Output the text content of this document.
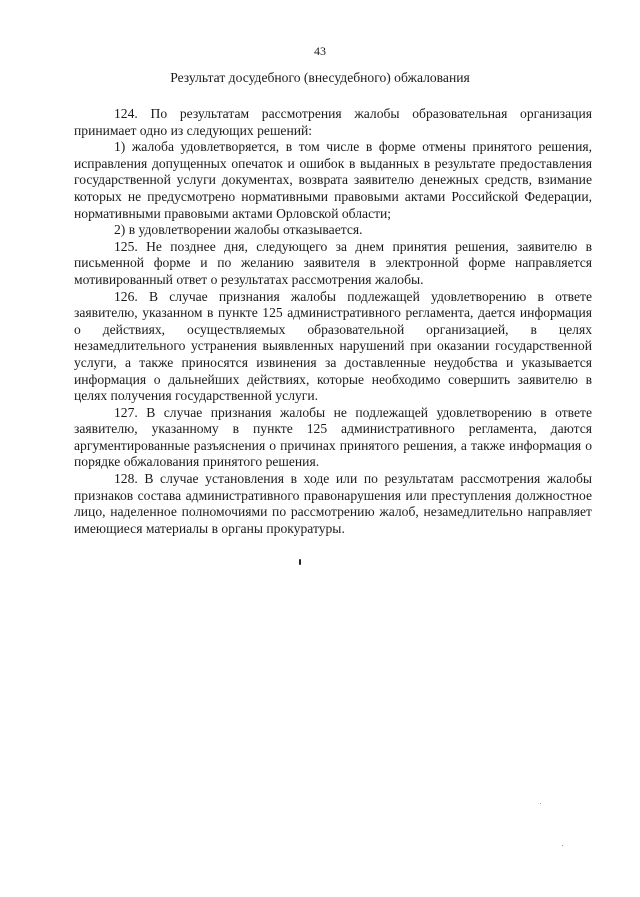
43
Результат досудебного (внесудебного) обжалования

124. По результатам рассмотрения жалобы образовательная организация принимает одно из следующих решений:

1) жалоба удовлетворяется, в том числе в форме отмены принятого решения, исправления допущенных опечаток и ошибок в выданных в результате предоставления государственной услуги документах, возврата заявителю денежных средств, взимание которых не предусмотрено нормативными правовыми актами Российской Федерации, нормативными правовыми актами Орловской области;

2) в удовлетворении жалобы отказывается.

125. Не позднее дня, следующего за днем принятия решения, заявителю в письменной форме и по желанию заявителя в электронной форме направляется мотивированный ответ о результатах рассмотрения жалобы.

126. В случае признания жалобы подлежащей удовлетворению в ответе заявителю, указанном в пункте 125 административного регламента, дается информация о действиях, осуществляемых образовательной организацией, в целях незамедлительного устранения выявленных нарушений при оказании государственной услуги, а также приносятся извинения за доставленные неудобства и указывается информация о дальнейших действиях, которые необходимо совершить заявителю в целях получения государственной услуги.

127. В случае признания жалобы не подлежащей удовлетворению в ответе заявителю, указанному в пункте 125 административного регламента, даются аргументированные разъяснения о причинах принятого решения, а также информация о порядке обжалования принятого решения.

128. В случае установления в ходе или по результатам рассмотрения жалобы признаков состава административного правонарушения или преступления должностное лицо, наделенное полномочиями по рассмотрению жалоб, незамедлительно направляет имеющиеся материалы в органы прокуратуры.
